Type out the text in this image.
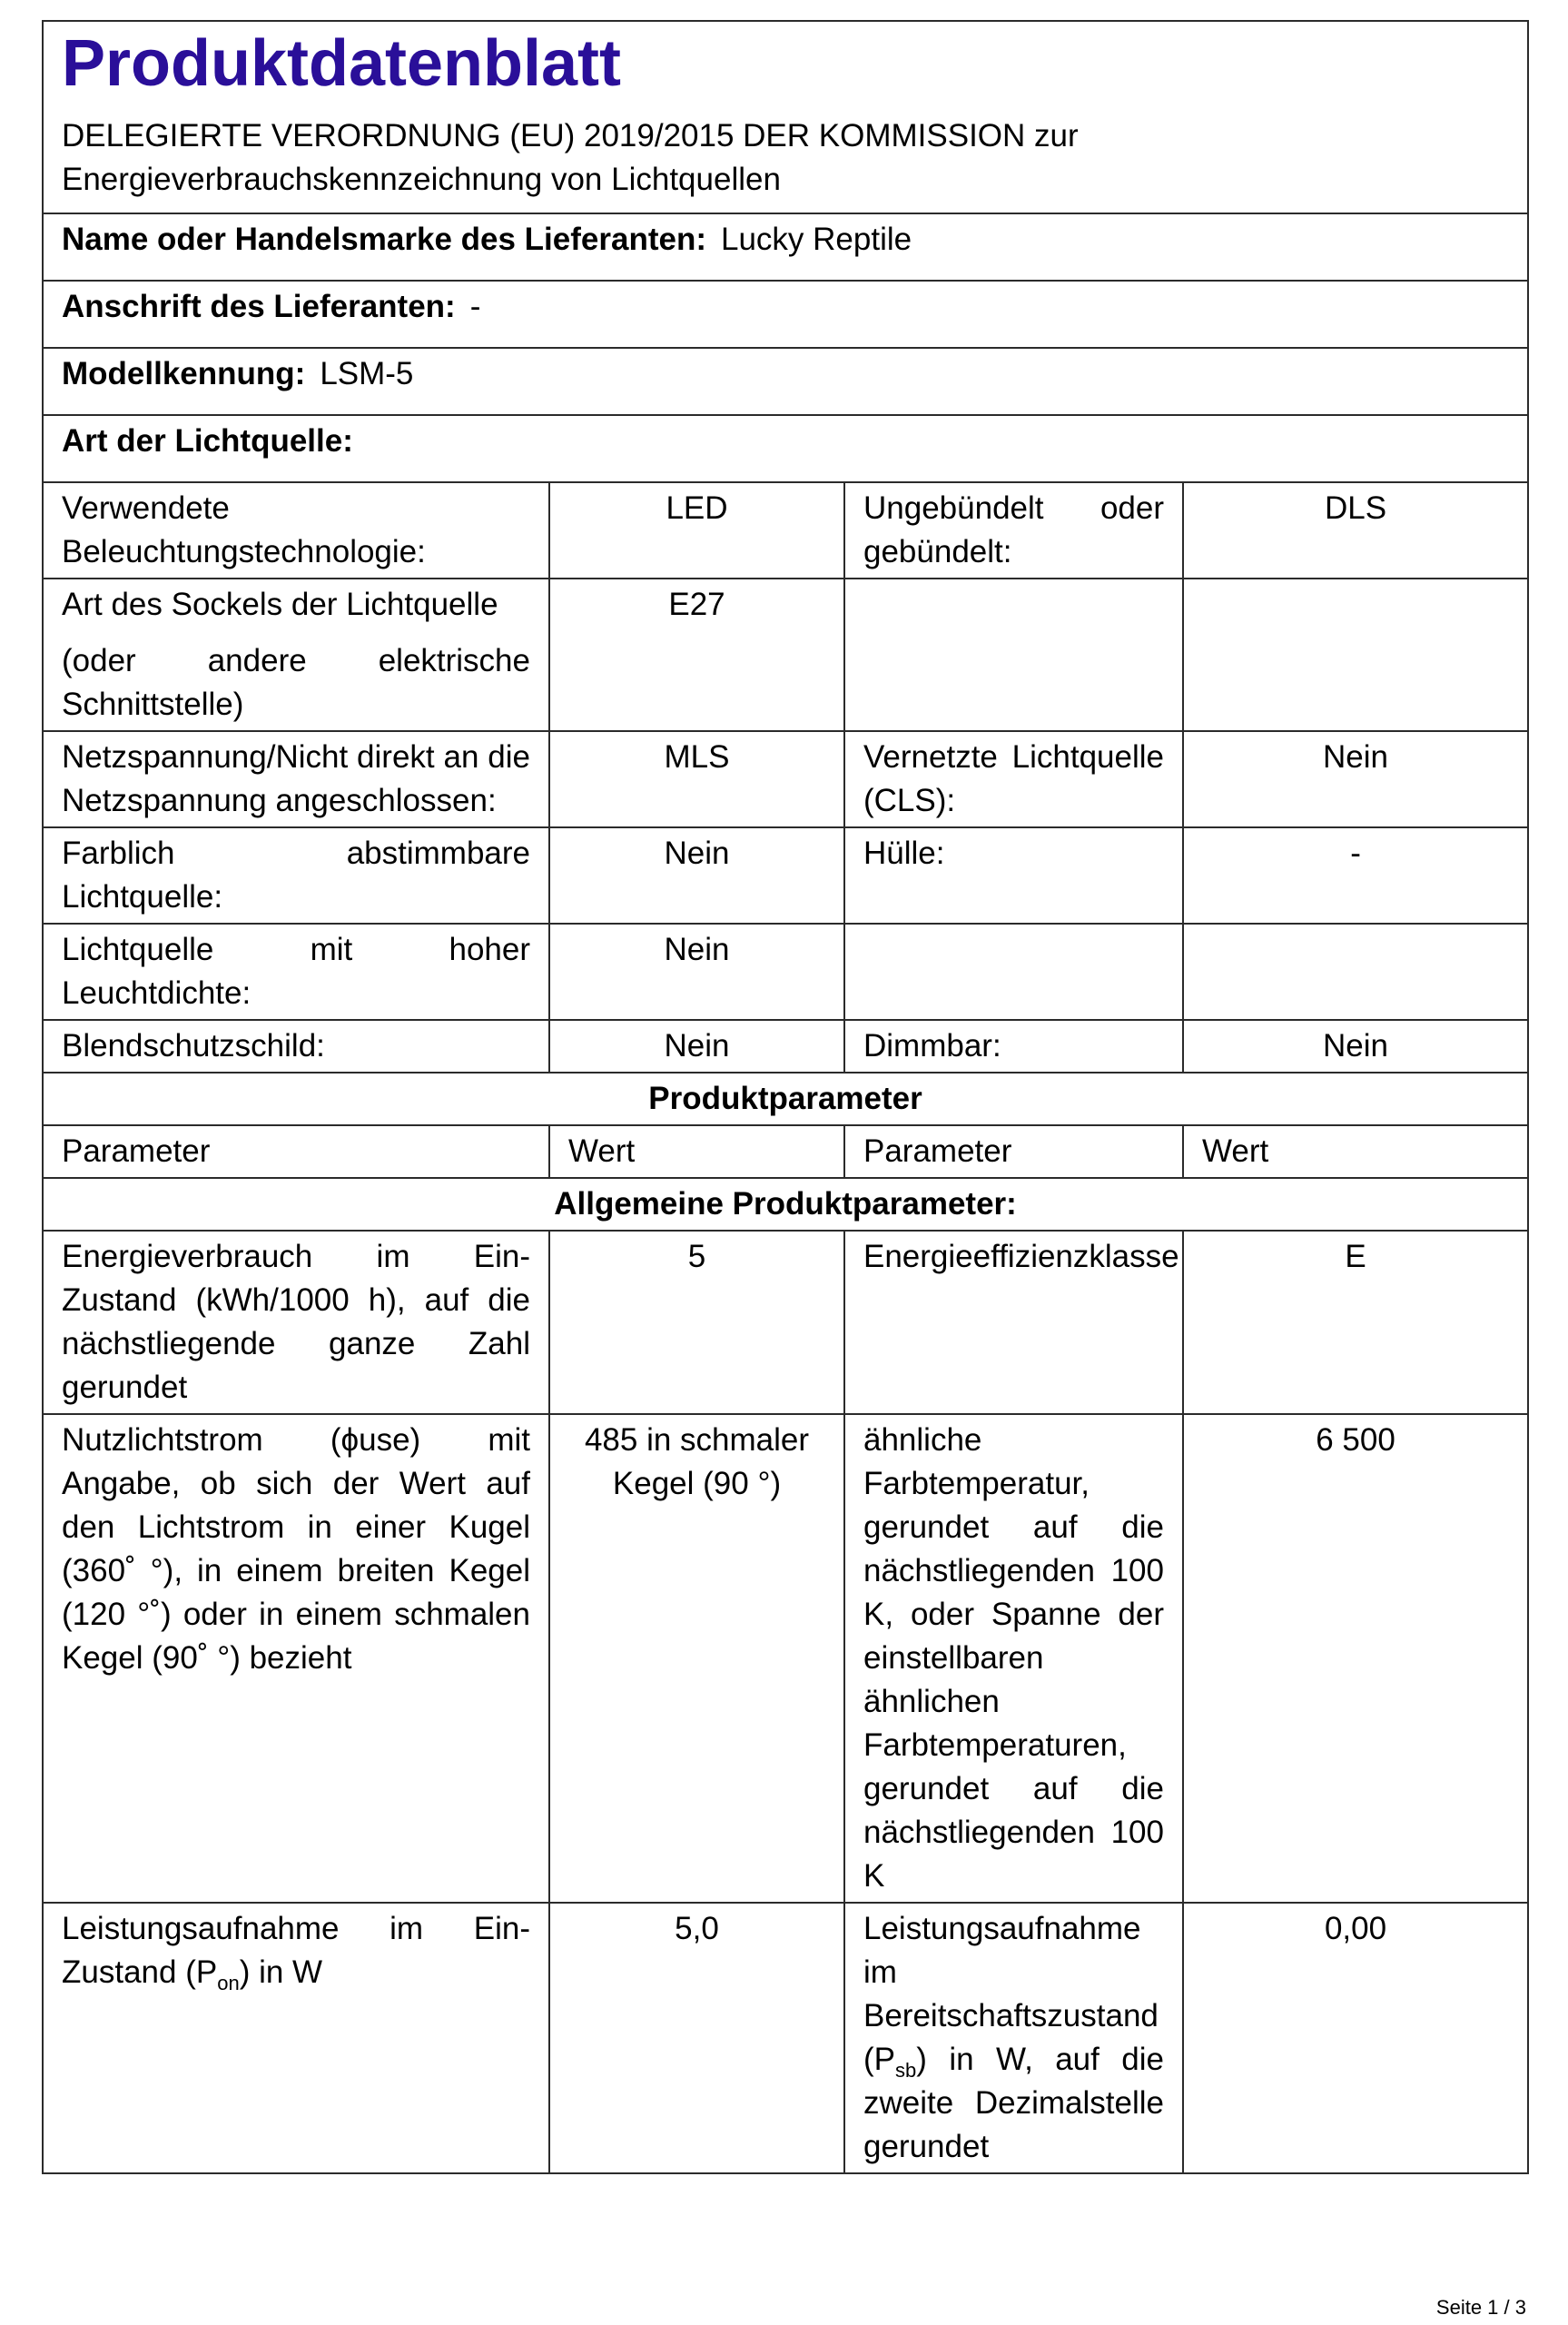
Produktdatenblatt
DELEGIERTE VERORDNUNG (EU) 2019/2015 DER KOMMISSION zur
Energieverbrauchskennzeichnung von Lichtquellen			

Name oder Handelsmarke des Lieferanten: Lucky Reptile			
Anschrift des Lieferanten: -			
Modellkennung: LSM-5			
Art der Lichtquelle:			
Verwendete Beleuchtungstechnologie:	LED	Ungebündelt oder gebündelt:	DLS
Art des Sockels der Lichtquelle
(oder andere elektrische Schnittstelle)	E27		
Netzspannung/Nicht direkt an die Netzspannung angeschlossen:	MLS	Vernetzte Lichtquelle (CLS):	Nein
Farblich abstimmbare Lichtquelle:	Nein	Hülle:	-
Lichtquelle mit hoher Leuchtdichte:	Nein		
Blendschutzschild:	Nein	Dimmbar:	Nein
Produktparameter			
Parameter	Wert	Parameter	Wert
Allgemeine Produktparameter:			
Energieverbrauch im Ein-Zustand (kWh/1000 h), auf die nächstliegende ganze Zahl gerundet	5	Energieeffizienzklasse	E
Nutzlichtstrom (ϕuse) mit Angabe, ob sich der Wert auf den Lichtstrom in einer Kugel (360˚ °), in einem breiten Kegel (120 °˚) oder in einem schmalen Kegel (90˚ °) bezieht	485 in schmaler Kegel (90 °)	ähnliche Farbtemperatur, gerundet auf die nächstliegenden 100 K, oder Spanne der einstellbaren ähnlichen Farbtemperaturen, gerundet auf die nächstliegenden 100 K	6 500
Leistungsaufnahme im Ein-Zustand $(P_{on})$ in W	5,0	Leistungsaufnahme im Bereitschaftszustand $(P_{sb})$ in W, auf die zweite Dezimalstelle gerundet	0,00
Seite 1 / 3
